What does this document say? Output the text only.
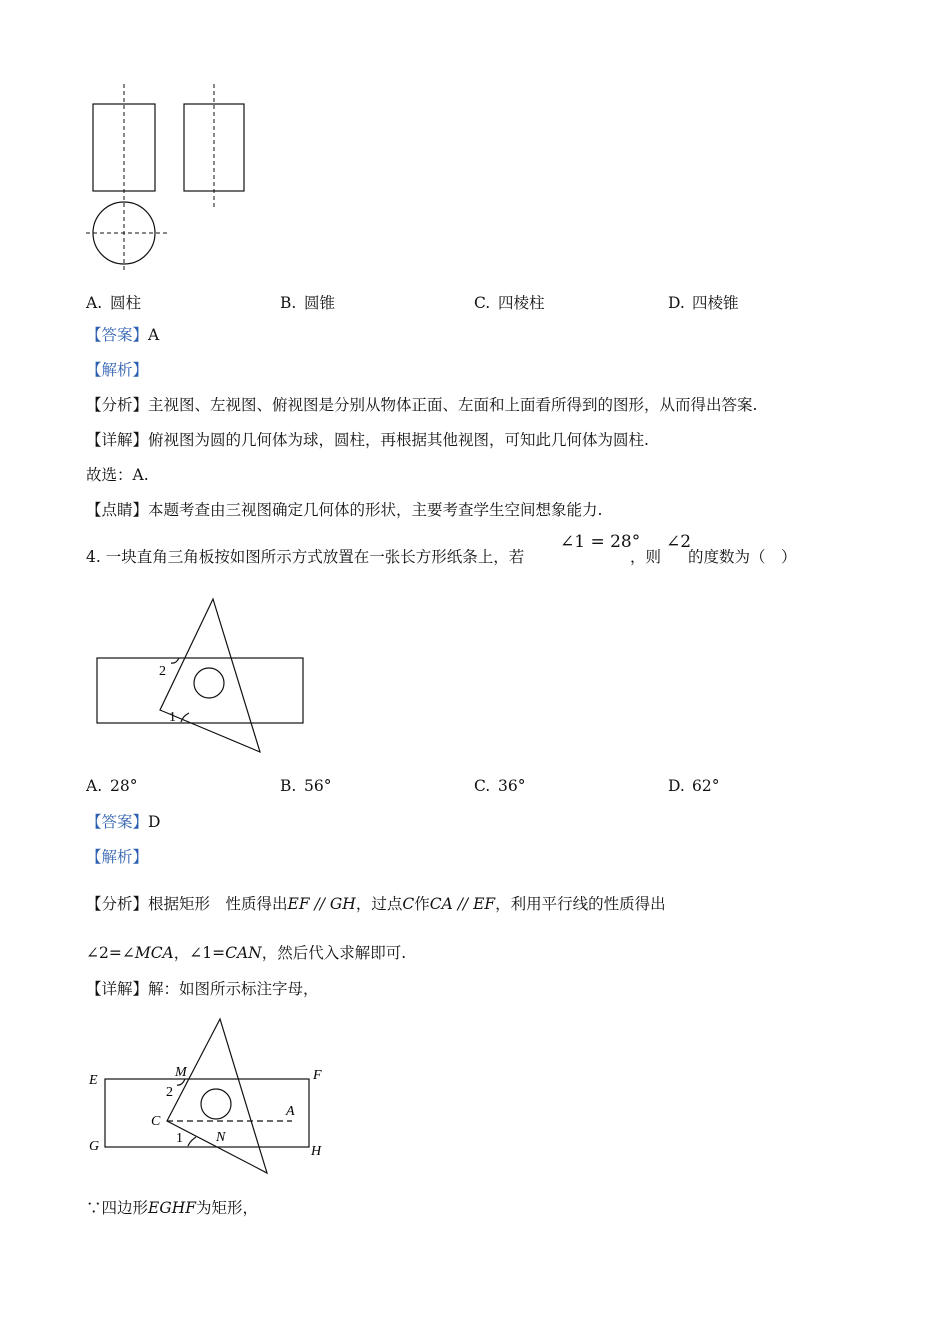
A. 圆柱	B. 圆锥	C. 四棱柱	D. 四棱锥
【答案】A
【解析】
【分析】主视图、左视图、俯视图是分别从物体正面、左面和上面看所得到的图形，从而得出答案.
【详解】俯视图为圆的几何体为球，圆柱，再根据其他视图，可知此几何体为圆柱.
故选：A.
【点睛】本题考查由三视图确定几何体的形状，主要考查学生空间想象能力.
4. 一块直角三角板按如图所示方式放置在一张长方形纸条上，若
∠1 = 28°
，则
∠2
的度数为（　）
1
2
A. 28°	B. 56°	C. 36°	D. 62°
【答案】D
【解析】
【分析】根据矩形　性质得出EF // GH，过点C作CA // EF，利用平行线的性质得出
∠2=∠MCA，∠1=CAN，然后代入求解即可.
【详解】解：如图所示标注字母，
E	F
G	H
M
C
A
N
1
2
∵四边形EGHF为矩形，
